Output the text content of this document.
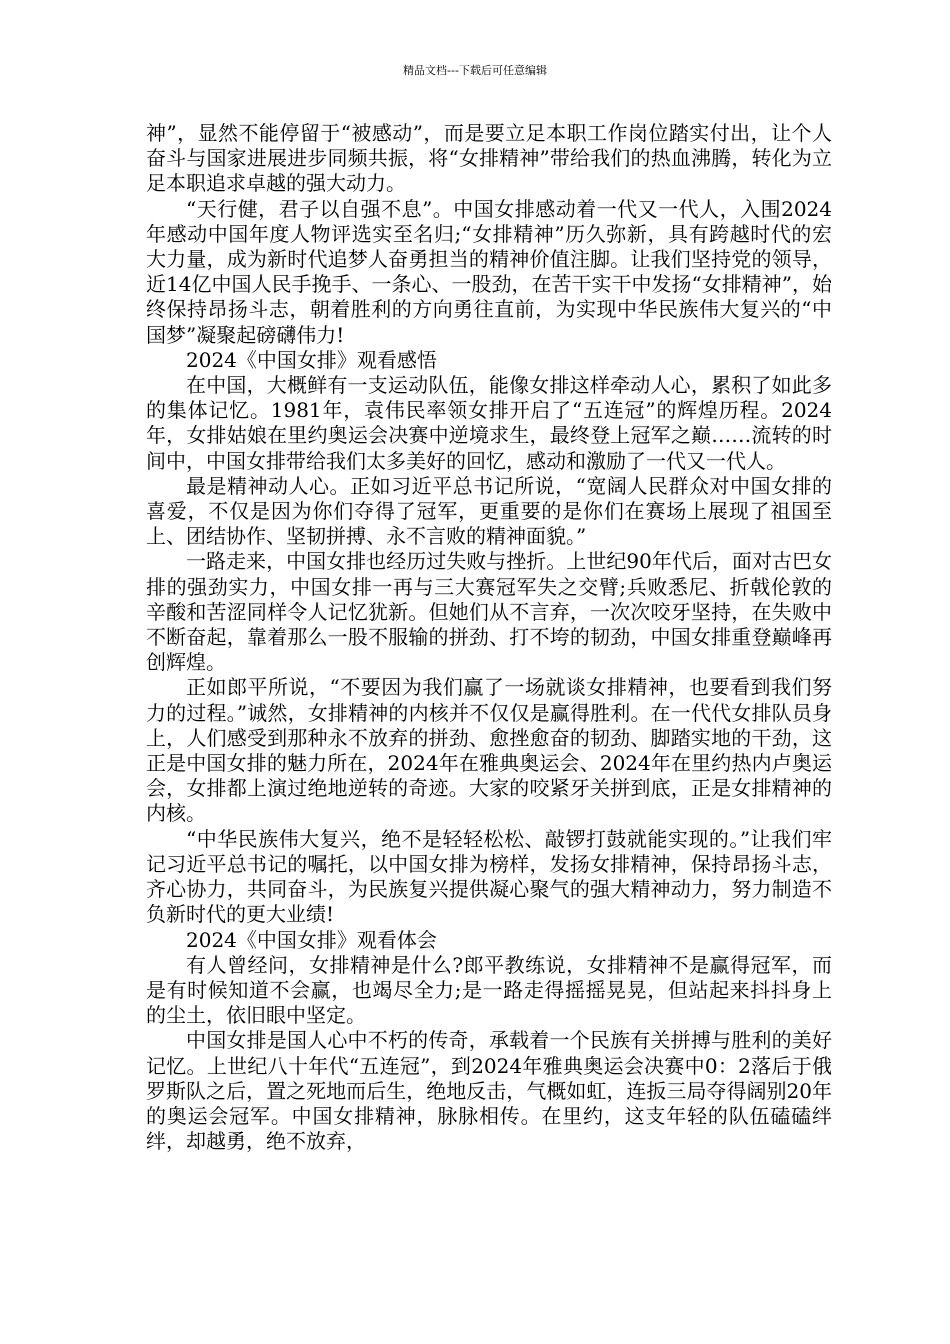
精品文档---下载后可任意编辑

神”，显然不能停留于“被感动”，而是要立足本职工作岗位踏实付出，让个人奋斗与国家进展进步同频共振，将“女排精神”带给我们的热血沸腾，转化为立足本职追求卓越的强大动力。

“天行健，君子以自强不息”。中国女排感动着一代又一代人，入围2024年感动中国年度人物评选实至名归;“女排精神”历久弥新，具有跨越时代的宏大力量，成为新时代追梦人奋勇担当的精神价值注脚。让我们坚持党的领导，近14亿中国人民手挽手、一条心、一股劲，在苦干实干中发扬“女排精神”，始终保持昂扬斗志，朝着胜利的方向勇往直前，为实现中华民族伟大复兴的“中国梦”凝聚起磅礴伟力!

2024《中国女排》观看感悟

在中国，大概鲜有一支运动队伍，能像女排这样牵动人心，累积了如此多的集体记忆。1981年，袁伟民率领女排开启了“五连冠”的辉煌历程。2024年，女排姑娘在里约奥运会决赛中逆境求生，最终登上冠军之巅……流转的时间中，中国女排带给我们太多美好的回忆，感动和激励了一代又一代人。

最是精神动人心。正如习近平总书记所说，“宽阔人民群众对中国女排的喜爱，不仅是因为你们夺得了冠军，更重要的是你们在赛场上展现了祖国至上、团结协作、坚韧拼搏、永不言败的精神面貌。”

一路走来，中国女排也经历过失败与挫折。上世纪90年代后，面对古巴女排的强劲实力，中国女排一再与三大赛冠军失之交臂;兵败悉尼、折戟伦敦的辛酸和苦涩同样令人记忆犹新。但她们从不言弃，一次次咬牙坚持，在失败中不断奋起，靠着那么一股不服输的拼劲、打不垮的韧劲，中国女排重登巅峰再创辉煌。

正如郎平所说，“不要因为我们赢了一场就谈女排精神，也要看到我们努力的过程。”诚然，女排精神的内核并不仅仅是赢得胜利。在一代代女排队员身上，人们感受到那种永不放弃的拼劲、愈挫愈奋的韧劲、脚踏实地的干劲，这正是中国女排的魅力所在，2024年在雅典奥运会、2024年在里约热内卢奥运会，女排都上演过绝地逆转的奇迹。大家的咬紧牙关拼到底，正是女排精神的内核。

“中华民族伟大复兴，绝不是轻轻松松、敲锣打鼓就能实现的。”让我们牢记习近平总书记的嘱托，以中国女排为榜样，发扬女排精神，保持昂扬斗志，齐心协力，共同奋斗，为民族复兴提供凝心聚气的强大精神动力，努力制造不负新时代的更大业绩!

2024《中国女排》观看体会

有人曾经问，女排精神是什么?郎平教练说，女排精神不是赢得冠军，而是有时候知道不会赢，也竭尽全力;是一路走得摇摇晃晃，但站起来抖抖身上的尘土，依旧眼中坚定。

中国女排是国人心中不朽的传奇，承载着一个民族有关拼搏与胜利的美好记忆。上世纪八十年代“五连冠”，到2024年雅典奥运会决赛中0：2落后于俄罗斯队之后，置之死地而后生，绝地反击，气概如虹，连扳三局夺得阔别20年的奥运会冠军。中国女排精神，脉脉相传。在里约，这支年轻的队伍磕磕绊绊，却越勇，绝不放弃，
